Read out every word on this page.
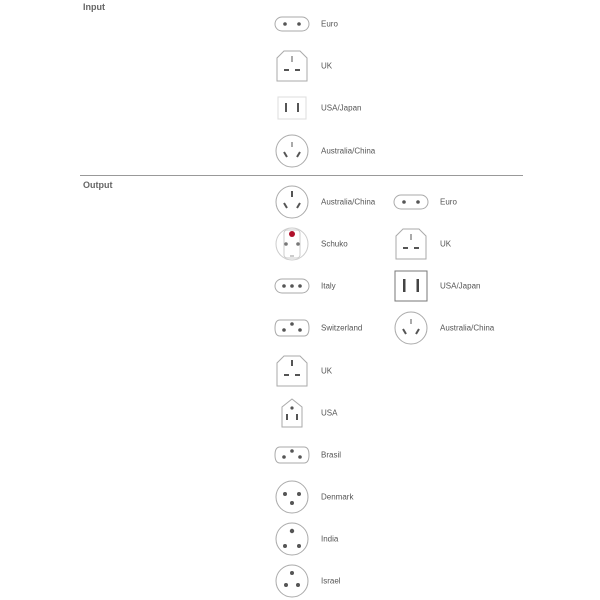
Input
Euro
UK
USA/Japan
Australia/China
Output
Australia/China
Schuko
Italy
Switzerland
UK
USA
Brasil
Denmark
India
Israel
Euro
UK
USA/Japan
Australia/China
